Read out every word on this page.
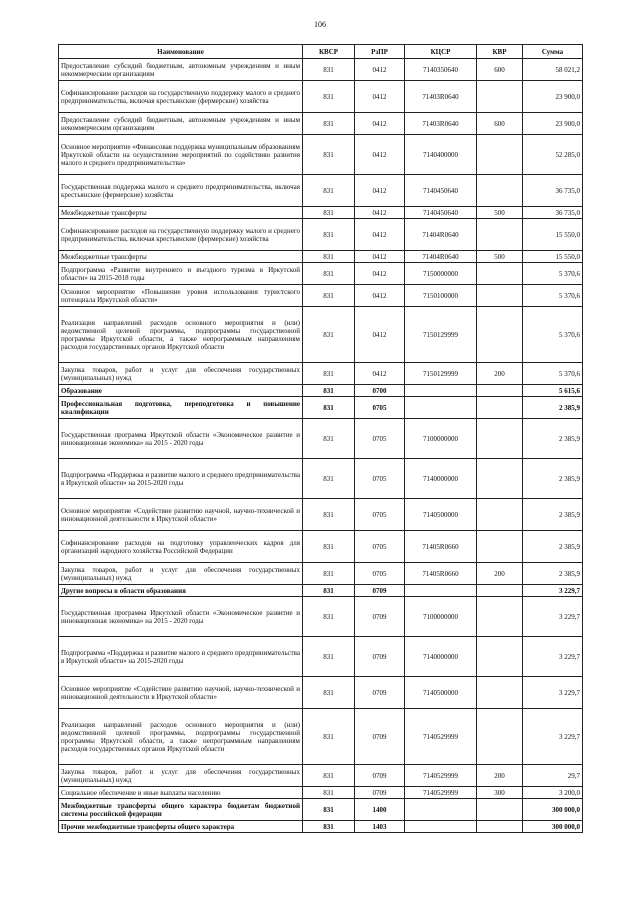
106
Наименование	КВСР	РзПР	КЦСР	КВР	Сумма
Предоставление субсидий бюджетным, автономным учреждениям и иным некоммерческим организациям	831	0412	7140350640	600	58 021,2
Софинансирование расходов на государственную поддержку малого и среднего предпринимательства, включая крестьянские (фермерские) хозяйства	831	0412	71403R0640		23 900,0
Предоставление субсидий бюджетным, автономным учреждениям и иным некоммерческим организациям	831	0412	71403R0640	600	23 900,0
Основное мероприятие «Финансовая поддержка муниципальным образованиям Иркутской области на осуществление мероприятий по содействию развития малого и среднего предпринимательства»	831	0412	7140400000		52 285,0
Государственная поддержка малого и среднего предпринимательства, включая крестьянские (фермерские) хозяйства	831	0412	7140450640		36 735,0
Межбюджетные трансферты	831	0412	7140450640	500	36 735,0
Софинансирование расходов на государственную поддержку малого и среднего предпринимательства, включая крестьянские (фермерские) хозяйства	831	0412	71404R0640		15 550,0
Межбюджетные трансферты	831	0412	71404R0640	500	15 550,0
Подпрограмма «Развитие внутреннего и въездного туризма в Иркутской области» на 2015-2018 годы	831	0412	7150000000		5 370,6
Основное мероприятие «Повышение уровня использования туристского потенциала Иркутской области»	831	0412	7150100000		5 370,6
Реализация направлений расходов основного мероприятия и (или) ведомственной целевой программы, подпрограммы государственной программы Иркутской области, а также непрограммным направлениям расходов государственных органов Иркутской области	831	0412	7150129999		5 370,6
Закупка товаров, работ и услуг для обеспечения государственных (муниципальных) нужд	831	0412	7150129999	200	5 370,6
Образование	831	0700			5 615,6
Профессиональная подготовка, переподготовка и повышение квалификации	831	0705			2 385,9
Государственная программа Иркутской области «Экономическое развитие и инновационная экономика» на 2015 - 2020 годы	831	0705	7100000000		2 385,9
Подпрограмма «Поддержка и развитие малого и среднего предпринимательства в Иркутской области» на 2015-2020 годы	831	0705	7140000000		2 385,9
Основное мероприятие «Содействие развитию научной, научно-технической и инновационной деятельности в Иркутской области»	831	0705	7140500000		2 385,9
Софинансирование расходов на подготовку управленческих кадров для организаций народного хозяйства Российской Федерации	831	0705	71405R0660		2 385,9
Закупка товаров, работ и услуг для обеспечения государственных (муниципальных) нужд	831	0705	71405R0660	200	2 385,9
Другие вопросы в области образования	831	0709			3 229,7
Государственная программа Иркутской области «Экономическое развитие и инновационная экономика» на 2015 - 2020 годы	831	0709	7100000000		3 229,7
Подпрограмма «Поддержка и развитие малого и среднего предпринимательства в Иркутской области» на 2015-2020 годы	831	0709	7140000000		3 229,7
Основное мероприятие «Содействие развитию научной, научно-технической и инновационной деятельности в Иркутской области»	831	0709	7140500000		3 229,7
Реализация направлений расходов основного мероприятия и (или) ведомственной целевой программы, подпрограммы государственной программы Иркутской области, а также непрограммным направлениям расходов государственных органов Иркутской области	831	0709	7140529999		3 229,7
Закупка товаров, работ и услуг для обеспечения государственных (муниципальных) нужд	831	0709	7140529999	200	29,7
Социальное обеспечение и иные выплаты населению	831	0709	7140529999	300	3 200,0
Межбюджетные трансферты общего характера бюджетам бюджетной системы российской федерации	831	1400			300 000,0
Прочие межбюджетные трансферты общего характера	831	1403			300 000,0
